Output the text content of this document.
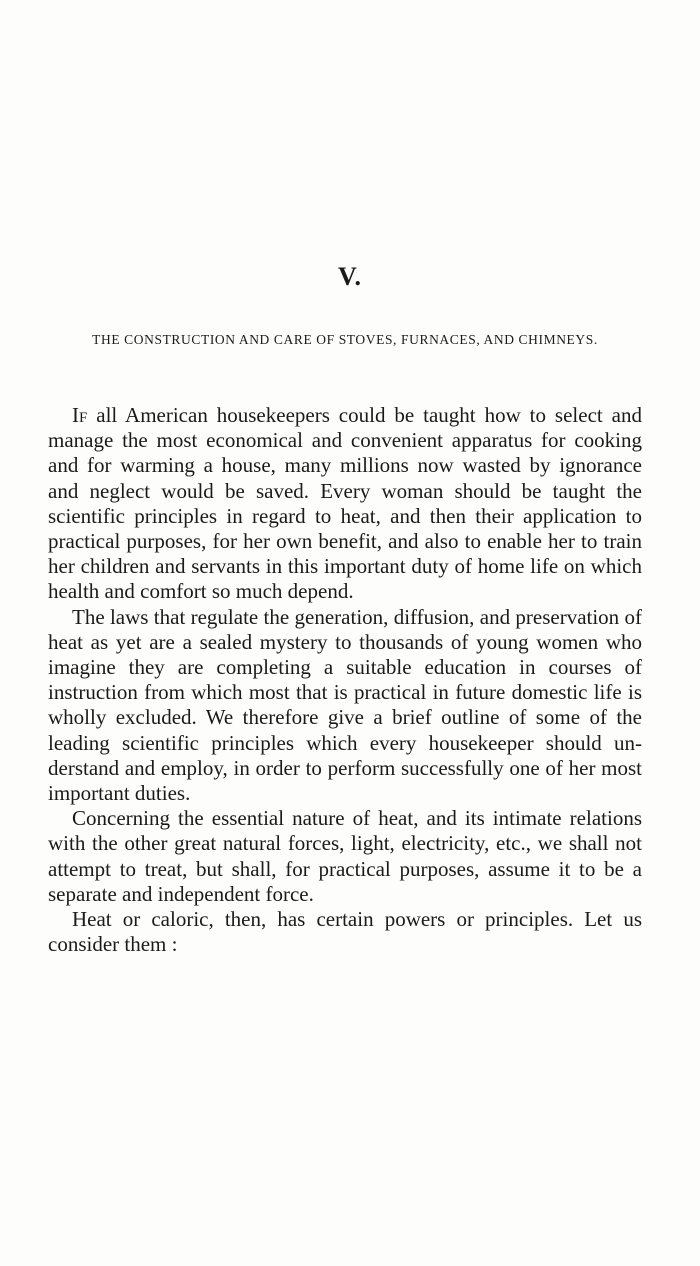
V.
THE CONSTRUCTION AND CARE OF STOVES, FURNACES, AND CHIMNEYS.

If all American housekeepers could be taught how to select and manage the most economical and convenient apparatus for cooking and for warming a house, many millions now wasted by ignorance and neglect would be saved. Every woman should be taught the scientific principles in regard to heat, and then their application to practical purposes, for her own benefit, and also to enable her to train her children and servants in this important duty of home life on which health and comfort so much depend.

The laws that regulate the generation, diffusion, and preservation of heat as yet are a sealed mystery to thousands of young women who imagine they are completing a suitable education in courses of instruction from which most that is practical in future domestic life is wholly excluded. We therefore give a brief outline of some of the leading scientific principles which every housekeeper should understand and employ, in order to perform successfully one of her most important duties.

Concerning the essential nature of heat, and its intimate relations with the other great natural forces, light, electricity, etc., we shall not attempt to treat, but shall, for practical purposes, assume it to be a separate and independent force.

Heat or caloric, then, has certain powers or principles. Let us consider them :
